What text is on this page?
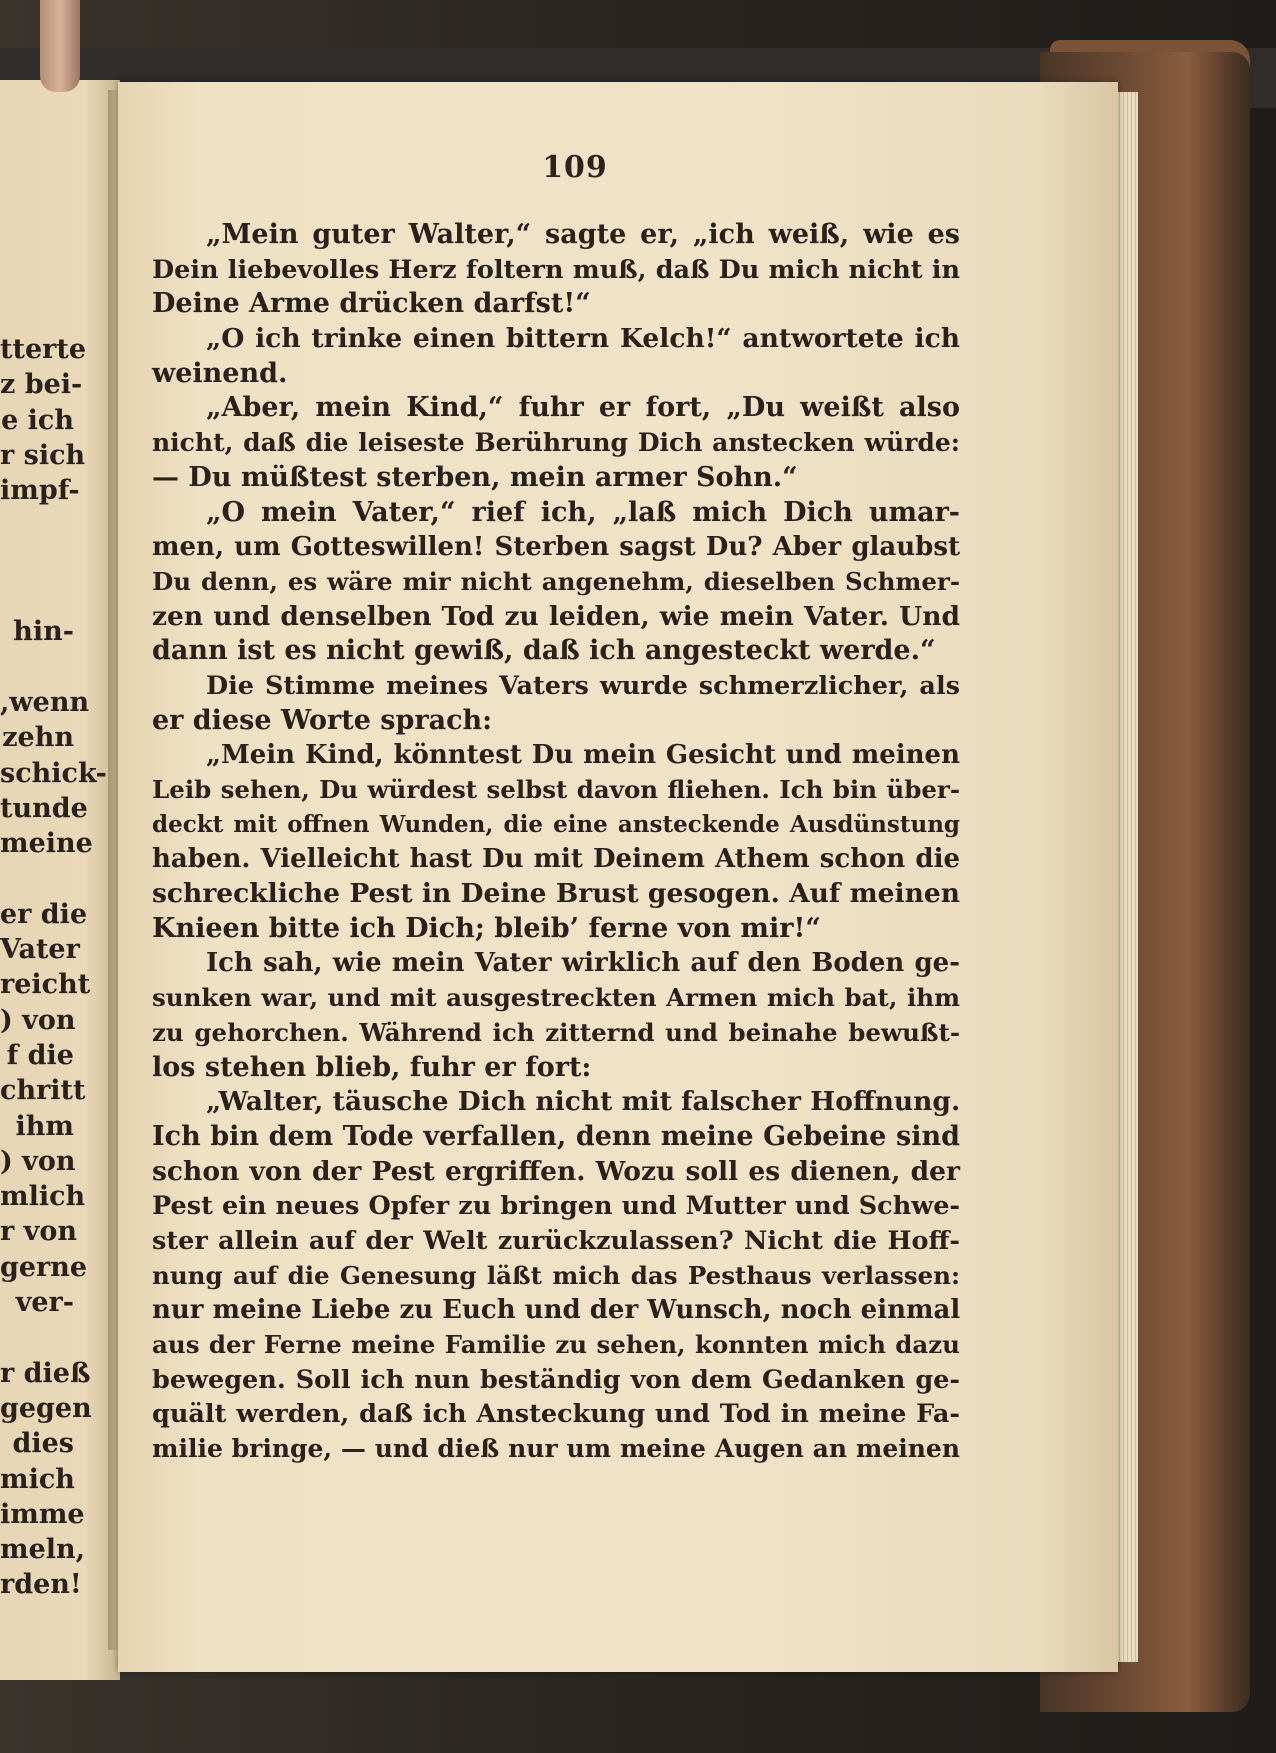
tterte
z bei-
e ich
r sich
impf-
hin-
,wenn
zehn
schick-
tunde
meine
er die
Vater
reicht
) von
f die
chritt
ihm
) von
mlich
r von
gerne
ver-
r dieß
gegen
dies
mich
imme
meln,
rden!
109
„Mein guter Walter,“ sagte er, „ich weiß, wie es
Dein liebevolles Herz foltern muß, daß Du mich nicht in
Deine Arme drücken darfst!“
„O ich trinke einen bittern Kelch!“ antwortete ich
weinend.
„Aber, mein Kind,“ fuhr er fort, „Du weißt also
nicht, daß die leiseste Berührung Dich anstecken würde:
— Du müßtest sterben, mein armer Sohn.“
„O mein Vater,“ rief ich, „laß mich Dich umar-
men, um Gotteswillen! Sterben sagst Du? Aber glaubst
Du denn, es wäre mir nicht angenehm, dieselben Schmer-
zen und denselben Tod zu leiden, wie mein Vater. Und
dann ist es nicht gewiß, daß ich angesteckt werde.“
Die Stimme meines Vaters wurde schmerzlicher, als
er diese Worte sprach:
„Mein Kind, könntest Du mein Gesicht und meinen
Leib sehen, Du würdest selbst davon fliehen. Ich bin über-
deckt mit offnen Wunden, die eine ansteckende Ausdünstung
haben. Vielleicht hast Du mit Deinem Athem schon die
schreckliche Pest in Deine Brust gesogen. Auf meinen
Knieen bitte ich Dich; bleib’ ferne von mir!“
Ich sah, wie mein Vater wirklich auf den Boden ge-
sunken war, und mit ausgestreckten Armen mich bat, ihm
zu gehorchen. Während ich zitternd und beinahe bewußt-
los stehen blieb, fuhr er fort:
„Walter, täusche Dich nicht mit falscher Hoffnung.
Ich bin dem Tode verfallen, denn meine Gebeine sind
schon von der Pest ergriffen. Wozu soll es dienen, der
Pest ein neues Opfer zu bringen und Mutter und Schwe-
ster allein auf der Welt zurückzulassen? Nicht die Hoff-
nung auf die Genesung läßt mich das Pesthaus verlassen:
nur meine Liebe zu Euch und der Wunsch, noch einmal
aus der Ferne meine Familie zu sehen, konnten mich dazu
bewegen. Soll ich nun beständig von dem Gedanken ge-
quält werden, daß ich Ansteckung und Tod in meine Fa-
milie bringe, — und dieß nur um meine Augen an meinen
